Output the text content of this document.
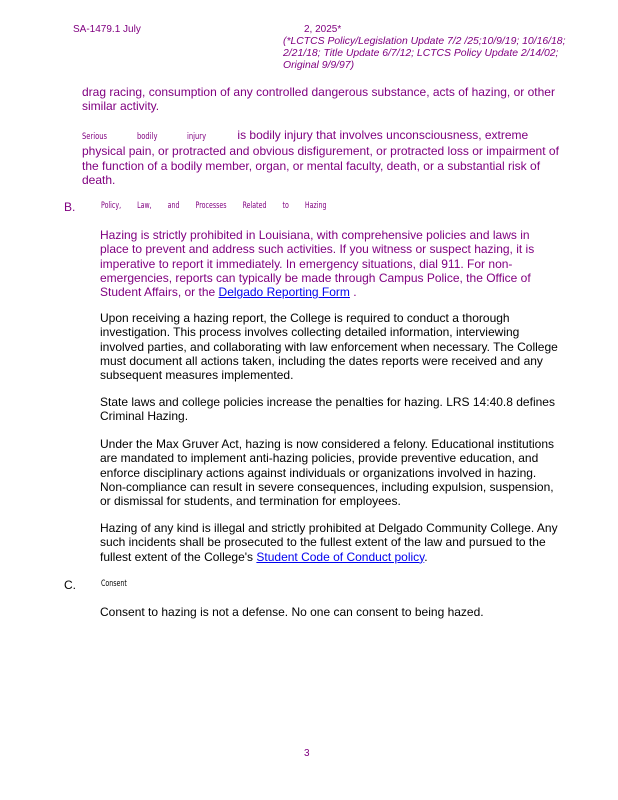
SA-1479.1 July	2, 2025*
(*LCTCS Policy/Legislation Update 7/2 /25;10/9/19; 10/16/18; 2/21/18; Title Update 6/7/12; LCTCS Policy Update 2/14/02; Original 9/9/97)
drag racing, consumption of any controlled dangerous substance, acts of hazing, or other similar activity.
Serious	bodily	injury	is bodily injury that involves unconsciousness, extreme physical pain, or protracted and obvious disfigurement, or protracted loss or impairment of the function of a bodily member, organ, or mental faculty, death, or a substantial risk of death.
B.	Policy, Law, and Processes Related to Hazing
Hazing is strictly prohibited in Louisiana, with comprehensive policies and laws in place to prevent and address such activities. If you witness or suspect hazing, it is imperative to report it immediately. In emergency situations, dial 911. For non-emergencies, reports can typically be made through Campus Police, the Office of Student Affairs, or the Delgado Reporting Form .
Upon receiving a hazing report, the College is required to conduct a thorough investigation. This process involves collecting detailed information, interviewing involved parties, and collaborating with law enforcement when necessary. The College must document all actions taken, including the dates reports were received and any subsequent measures implemented.
State laws and college policies increase the penalties for hazing. LRS 14:40.8 defines Criminal Hazing.
Under the Max Gruver Act, hazing is now considered a felony. Educational institutions are mandated to implement anti-hazing policies, provide preventive education, and enforce disciplinary actions against individuals or organizations involved in hazing. Non-compliance can result in severe consequences, including expulsion, suspension, or dismissal for students, and termination for employees.
Hazing of any kind is illegal and strictly prohibited at Delgado Community College. Any such incidents shall be prosecuted to the fullest extent of the law and pursued to the fullest extent of the College's Student Code of Conduct policy.
C.	Consent
Consent to hazing is not a defense. No one can consent to being hazed.
3
